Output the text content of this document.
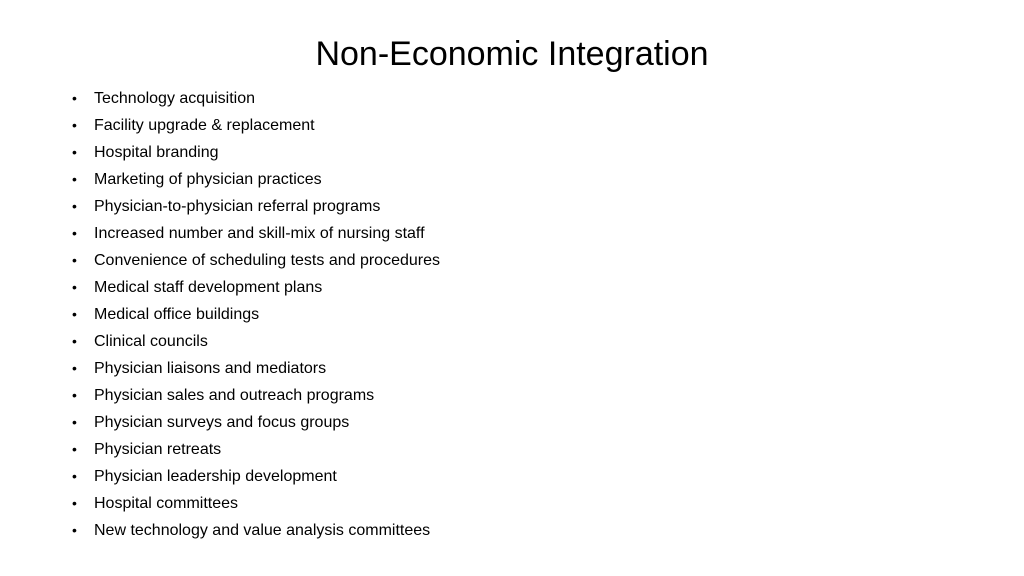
Non-Economic Integration
•	Technology acquisition
•	Facility upgrade & replacement
•	Hospital branding
•	Marketing of physician practices
•	Physician-to-physician referral programs
•	Increased number and skill-mix of nursing staff
•	Convenience of scheduling tests and procedures
•	Medical staff development plans
•	Medical office buildings
•	Clinical councils
•	Physician liaisons and mediators
•	Physician sales and outreach programs
•	Physician surveys and focus groups
•	Physician retreats
•	Physician leadership development
•	Hospital committees
•	New technology and value analysis committees
